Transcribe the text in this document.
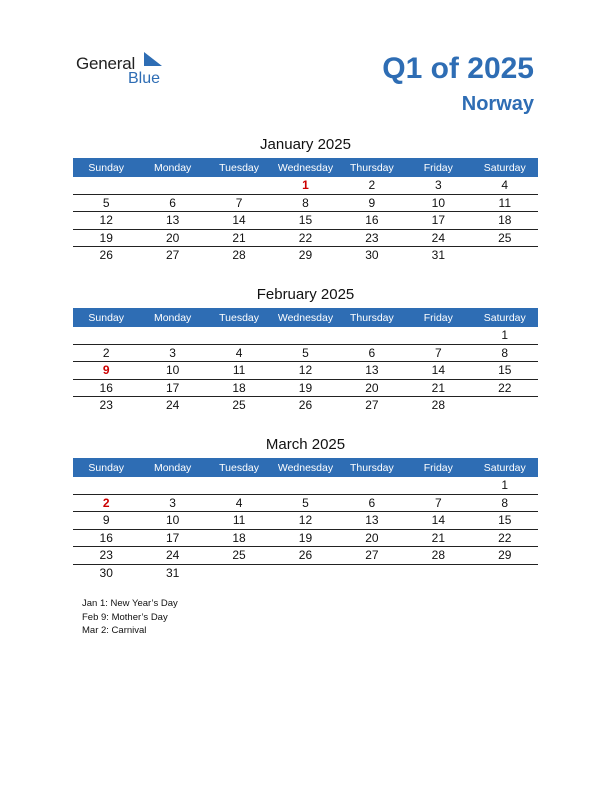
General
Blue	Q1 of 2025
Norway
January 2025
Sunday	Monday	Tuesday	Wednesday	Thursday	Friday	Saturday
			1	2	3	4
5	6	7	8	9	10	11
12	13	14	15	16	17	18
19	20	21	22	23	24	25
26	27	28	29	30	31	
February 2025
Sunday	Monday	Tuesday	Wednesday	Thursday	Friday	Saturday
						1
2	3	4	5	6	7	8
9	10	11	12	13	14	15
16	17	18	19	20	21	22
23	24	25	26	27	28	
March 2025
Sunday	Monday	Tuesday	Wednesday	Thursday	Friday	Saturday
						1
2	3	4	5	6	7	8
9	10	11	12	13	14	15
16	17	18	19	20	21	22
23	24	25	26	27	28	29
30	31					
Jan 1: New Year’s Day
Feb 9: Mother’s Day
Mar 2: Carnival
